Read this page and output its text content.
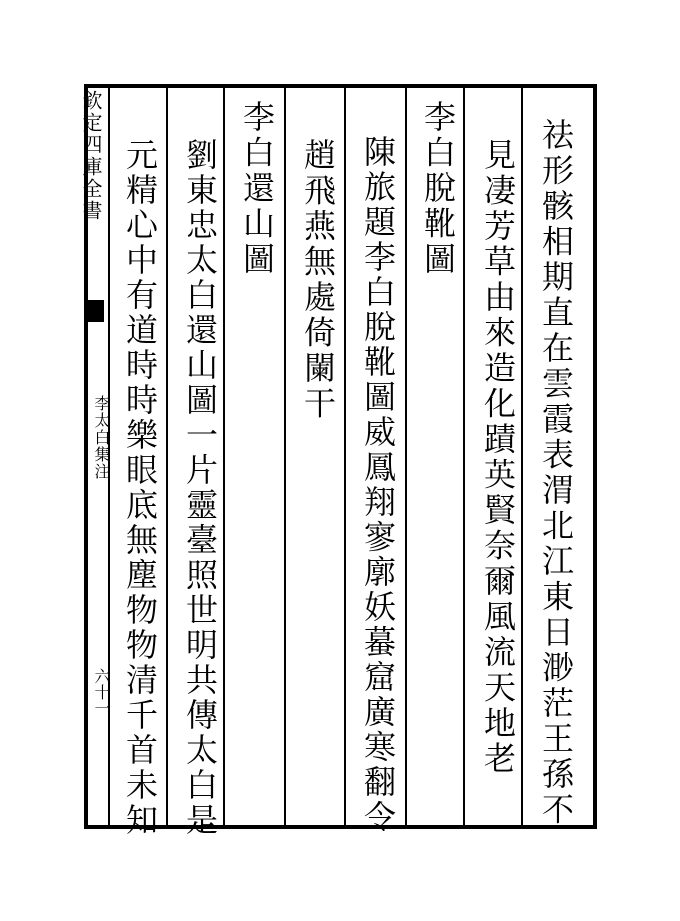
欽定四庫全書
李太白集注
六十一	祛形骸相期直在雲霞表渭北江東日渺茫王孫不
見凄芳草由來造化蹟英賢奈爾風流天地老
李白脫靴圖
陳旅題李白脫靴圖威鳳翔寥廓妖蟇窟廣寒翻令
趙飛燕無處倚闌干
李白還山圖
劉東忠太白還山圖一片靈臺照世明共傳太白是
元精心中有道時時樂眼底無塵物物清千首未知
